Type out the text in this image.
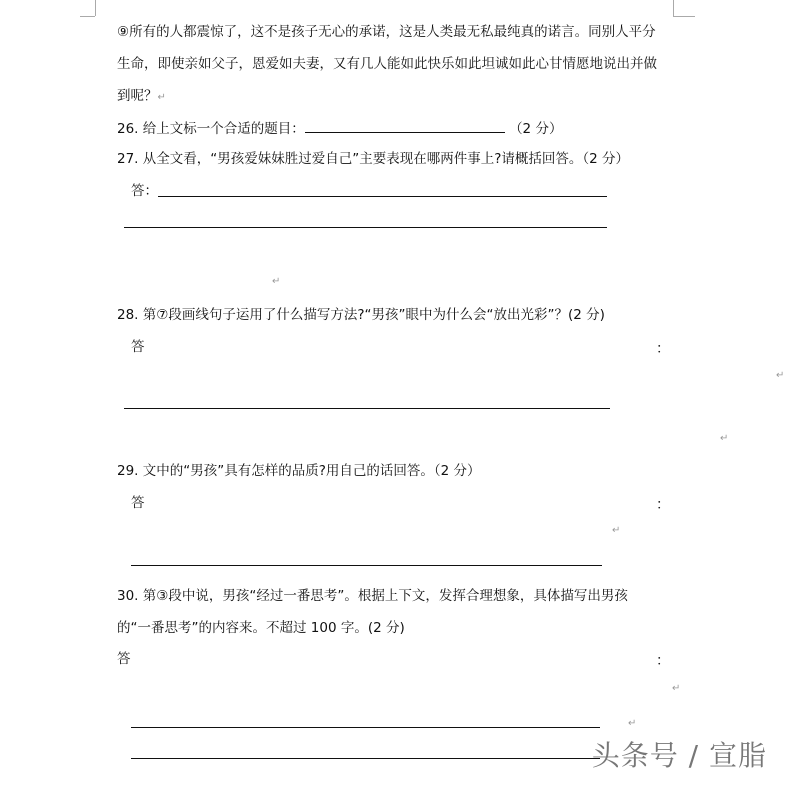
⑨所有的人都震惊了，这不是孩子无心的承诺，这是人类最无私最纯真的诺言。同别人平分
生命，即使亲如父子，恩爱如夫妻，又有几人能如此快乐如此坦诚如此心甘情愿地说出并做
到呢？↵
26. 给上文标一个合适的题目：	（2 分）
27. 从全文看，“男孩爱妹妹胜过爱自己”主要表现在哪两件事上?请概括回答。（2 分）
答：
↵
28. 第⑦段画线句子运用了什么描写方法?“男孩”眼中为什么会“放出光彩”？(2 分)
答	：
↵
↵
29. 文中的“男孩”具有怎样的品质?用自己的话回答。（2 分）
答	：
↵
30. 第③段中说，男孩“经过一番思考”。根据上下文，发挥合理想象，具体描写出男孩
的“一番思考”的内容来。不超过 100 字。(2 分)
答	：
↵
↵
头条号 / 宣脂
